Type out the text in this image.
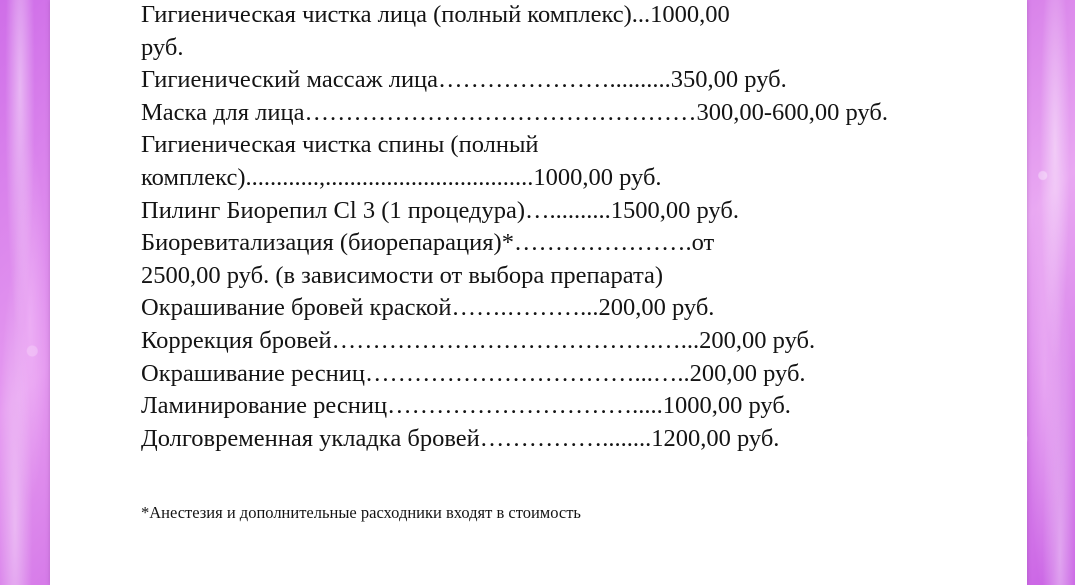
Гигиеническая чистка лица (полный комплекс)...1000,00
руб.
Гигиенический массаж лица…………………..........350,00 руб.
Маска для лица…………………………………………300,00-600,00 руб.
Гигиеническая чистка спины (полный
комплекс)............,..................................1000,00 руб.
Пилинг Биорепил Cl 3 (1 процедура)…..........1500,00 руб.
Биоревитализация (биорепарация)*………………….от
2500,00 руб. (в зависимости от выбора препарата)
Окрашивание бровей краской…….………...200,00 руб.
Коррекция бровей………………………………….…...200,00 руб.
Окрашивание ресниц……………………………...…..200,00 руб.
Ламинирование ресниц………………………….....1000,00 руб.
Долговременная укладка бровей……………........1200,00 руб.
*Анестезия и дополнительные расходники входят в стоимость
